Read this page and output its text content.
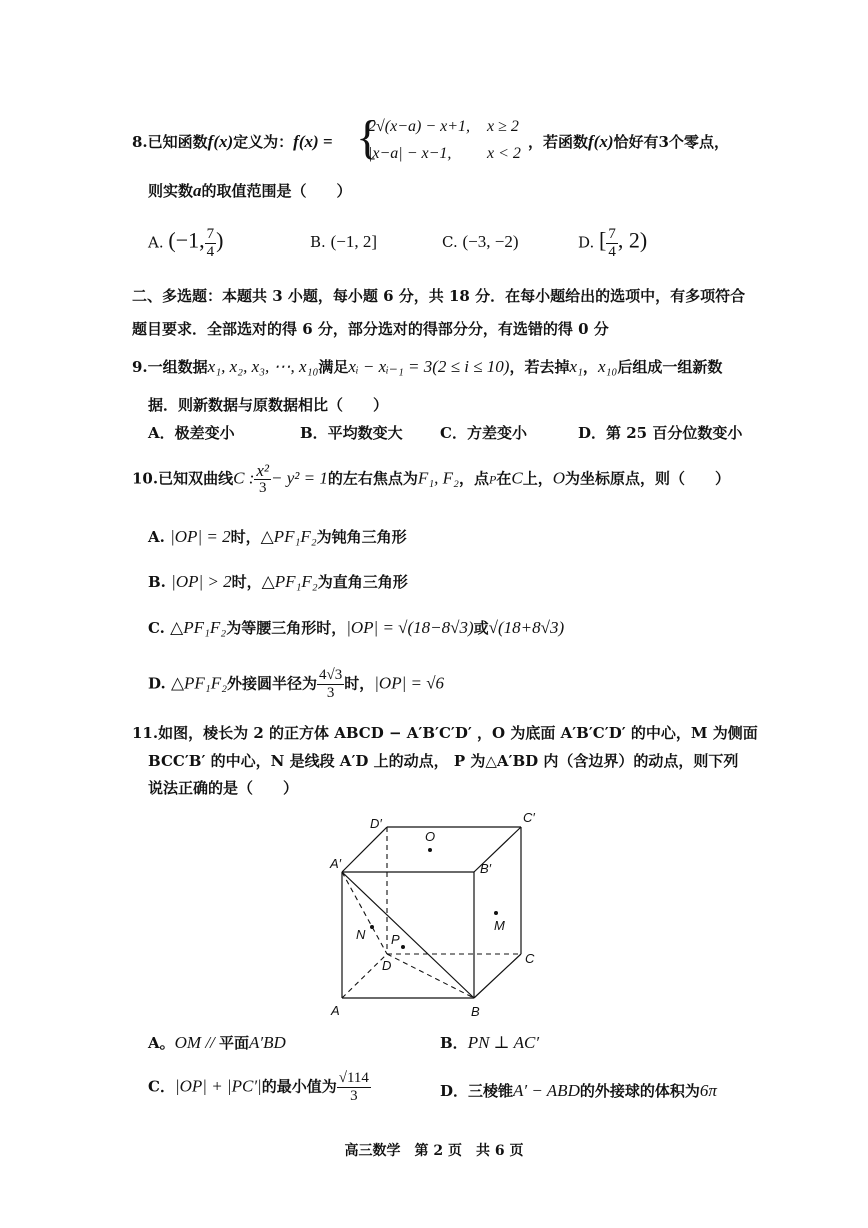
8.已知函数f(x)定义为：f(x) = {
2√(x−a) − x+1, x ≥ 2
|x−a| − x−1, x < 2
，若函数f(x)恰好有3个零点，
则实数a的取值范围是（　　）
A. (−1, $\frac{7}{4}$ )	B. (−1, 2]	C. (−3, −2)	D. [ $\frac{7}{4}$ , 2)
二、多选题：本题共 3 小题，每小题 6 分，共 18 分．在每小题给出的选项中，有多项符合
题目要求．全部选对的得 6 分，部分选对的得部分分，有选错的得 0 分
9.一组数据x₁, x₂, x₃, ⋯, x₁₀满足xᵢ − xᵢ₋₁ = 3(2 ≤ i ≤ 10)，若去掉x₁，x₁₀后组成一组新数
据．则新数据与原数据相比（　　）
A．极差变小	B．平均数变大 C．方差变小	D．第 25 百分位数变小
10.已知双曲线C : $\frac{\text{x²}}{3} - y^2 = 1$的左右焦点为F₁, F₂，点P在C上，O为坐标原点，则（　　）
A. |OP| = 2时，△PF₁F₂为钝角三角形
B. |OP| > 2时，△PF₁F₂为直角三角形
C. △PF₁F₂为等腰三角形时，|OP| = √(18−8√3)或√(18+8√3)
D. △PF₁F₂外接圆半径为 $\frac{4√3}{3}$ 时，|OP| = √6
11.如图，棱长为 2 的正方体 ABCD − A′B′C′D′ ，O 为底面 A′B′C′D′ 的中心，M 为侧面
BCC′B′ 的中心，N 是线段 A′D 上的动点， P 为△A′BD 内（含边界）的动点，则下列
说法正确的是（　　）
D′	C′
A′	B′
O
M
N P
D	C
A	B
A。OM // 平面A′BD	B．PN ⊥ AC′
C．|OP| + |PC′|的最小值为 $\frac{√114}{3}$	D．三棱锥A′ − ABD的外接球的体积为6π
高三数学　第 2 页　共 6 页
